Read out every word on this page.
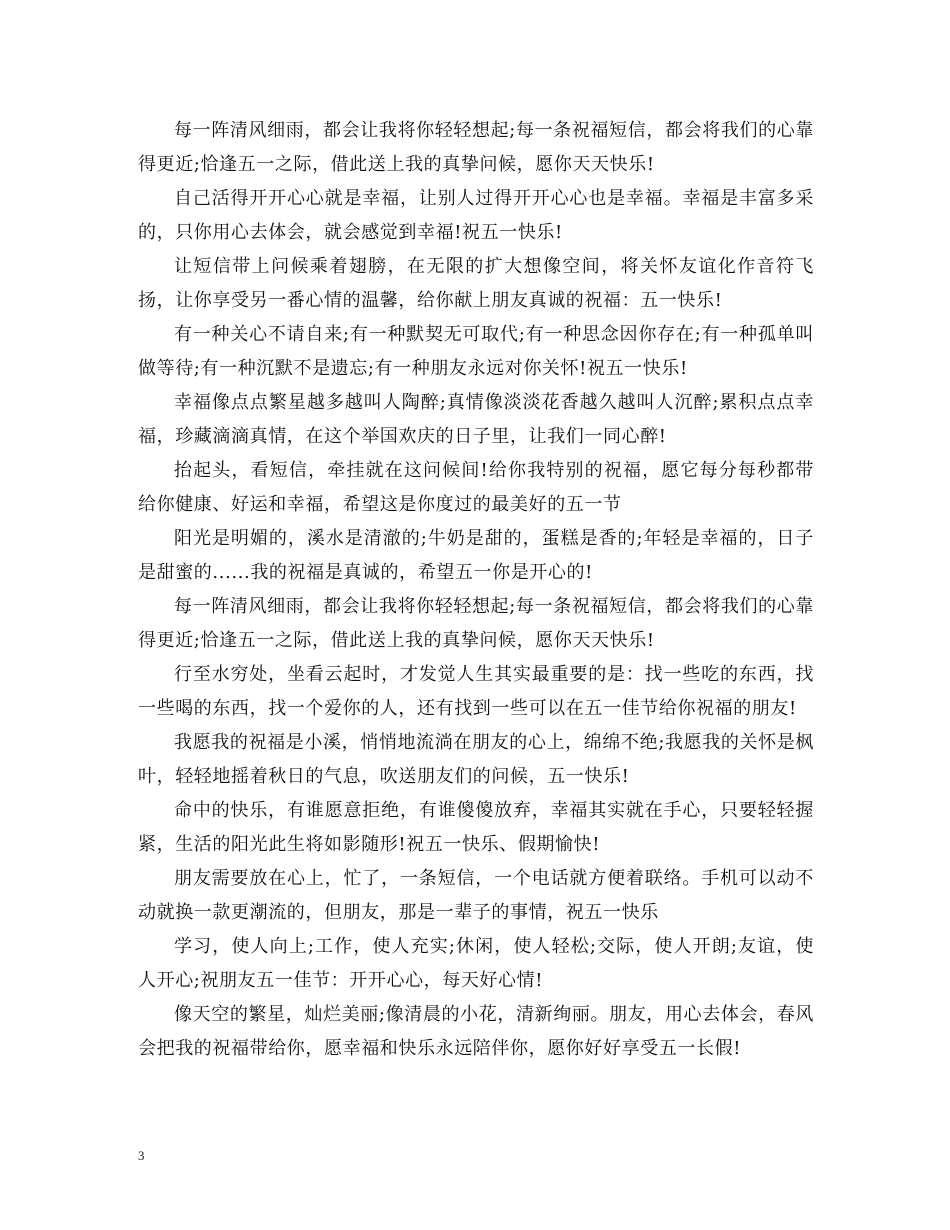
每一阵清风细雨，都会让我将你轻轻想起;每一条祝福短信，都会将我们的心靠得更近;恰逢五一之际，借此送上我的真挚问候，愿你天天快乐!

自己活得开开心心就是幸福，让别人过得开开心心也是幸福。幸福是丰富多采的，只你用心去体会，就会感觉到幸福!祝五一快乐!

让短信带上问候乘着翅膀，在无限的扩大想像空间，将关怀友谊化作音符飞扬，让你享受另一番心情的温馨，给你献上朋友真诚的祝福：五一快乐!

有一种关心不请自来;有一种默契无可取代;有一种思念因你存在;有一种孤单叫做等待;有一种沉默不是遗忘;有一种朋友永远对你关怀!祝五一快乐!

幸福像点点繁星越多越叫人陶醉;真情像淡淡花香越久越叫人沉醉;累积点点幸福，珍藏滴滴真情，在这个举国欢庆的日子里，让我们一同心醉!

抬起头，看短信，牵挂就在这问候间!给你我特别的祝福，愿它每分每秒都带给你健康、好运和幸福，希望这是你度过的最美好的五一节

阳光是明媚的，溪水是清澈的;牛奶是甜的，蛋糕是香的;年轻是幸福的，日子是甜蜜的......我的祝福是真诚的，希望五一你是开心的!

每一阵清风细雨，都会让我将你轻轻想起;每一条祝福短信，都会将我们的心靠得更近;恰逢五一之际，借此送上我的真挚问候，愿你天天快乐!

行至水穷处，坐看云起时，才发觉人生其实最重要的是：找一些吃的东西，找一些喝的东西，找一个爱你的人，还有找到一些可以在五一佳节给你祝福的朋友!

我愿我的祝福是小溪，悄悄地流淌在朋友的心上，绵绵不绝;我愿我的关怀是枫叶，轻轻地摇着秋日的气息，吹送朋友们的问候，五一快乐!

命中的快乐，有谁愿意拒绝，有谁傻傻放弃，幸福其实就在手心，只要轻轻握紧，生活的阳光此生将如影随形!祝五一快乐、假期愉快!

朋友需要放在心上，忙了，一条短信，一个电话就方便着联络。手机可以动不动就换一款更潮流的，但朋友，那是一辈子的事情，祝五一快乐

学习，使人向上;工作，使人充实;休闲，使人轻松;交际，使人开朗;友谊，使人开心;祝朋友五一佳节：开开心心，每天好心情!

像天空的繁星，灿烂美丽;像清晨的小花，清新绚丽。朋友，用心去体会，春风会把我的祝福带给你，愿幸福和快乐永远陪伴你，愿你好好享受五一长假!

3
